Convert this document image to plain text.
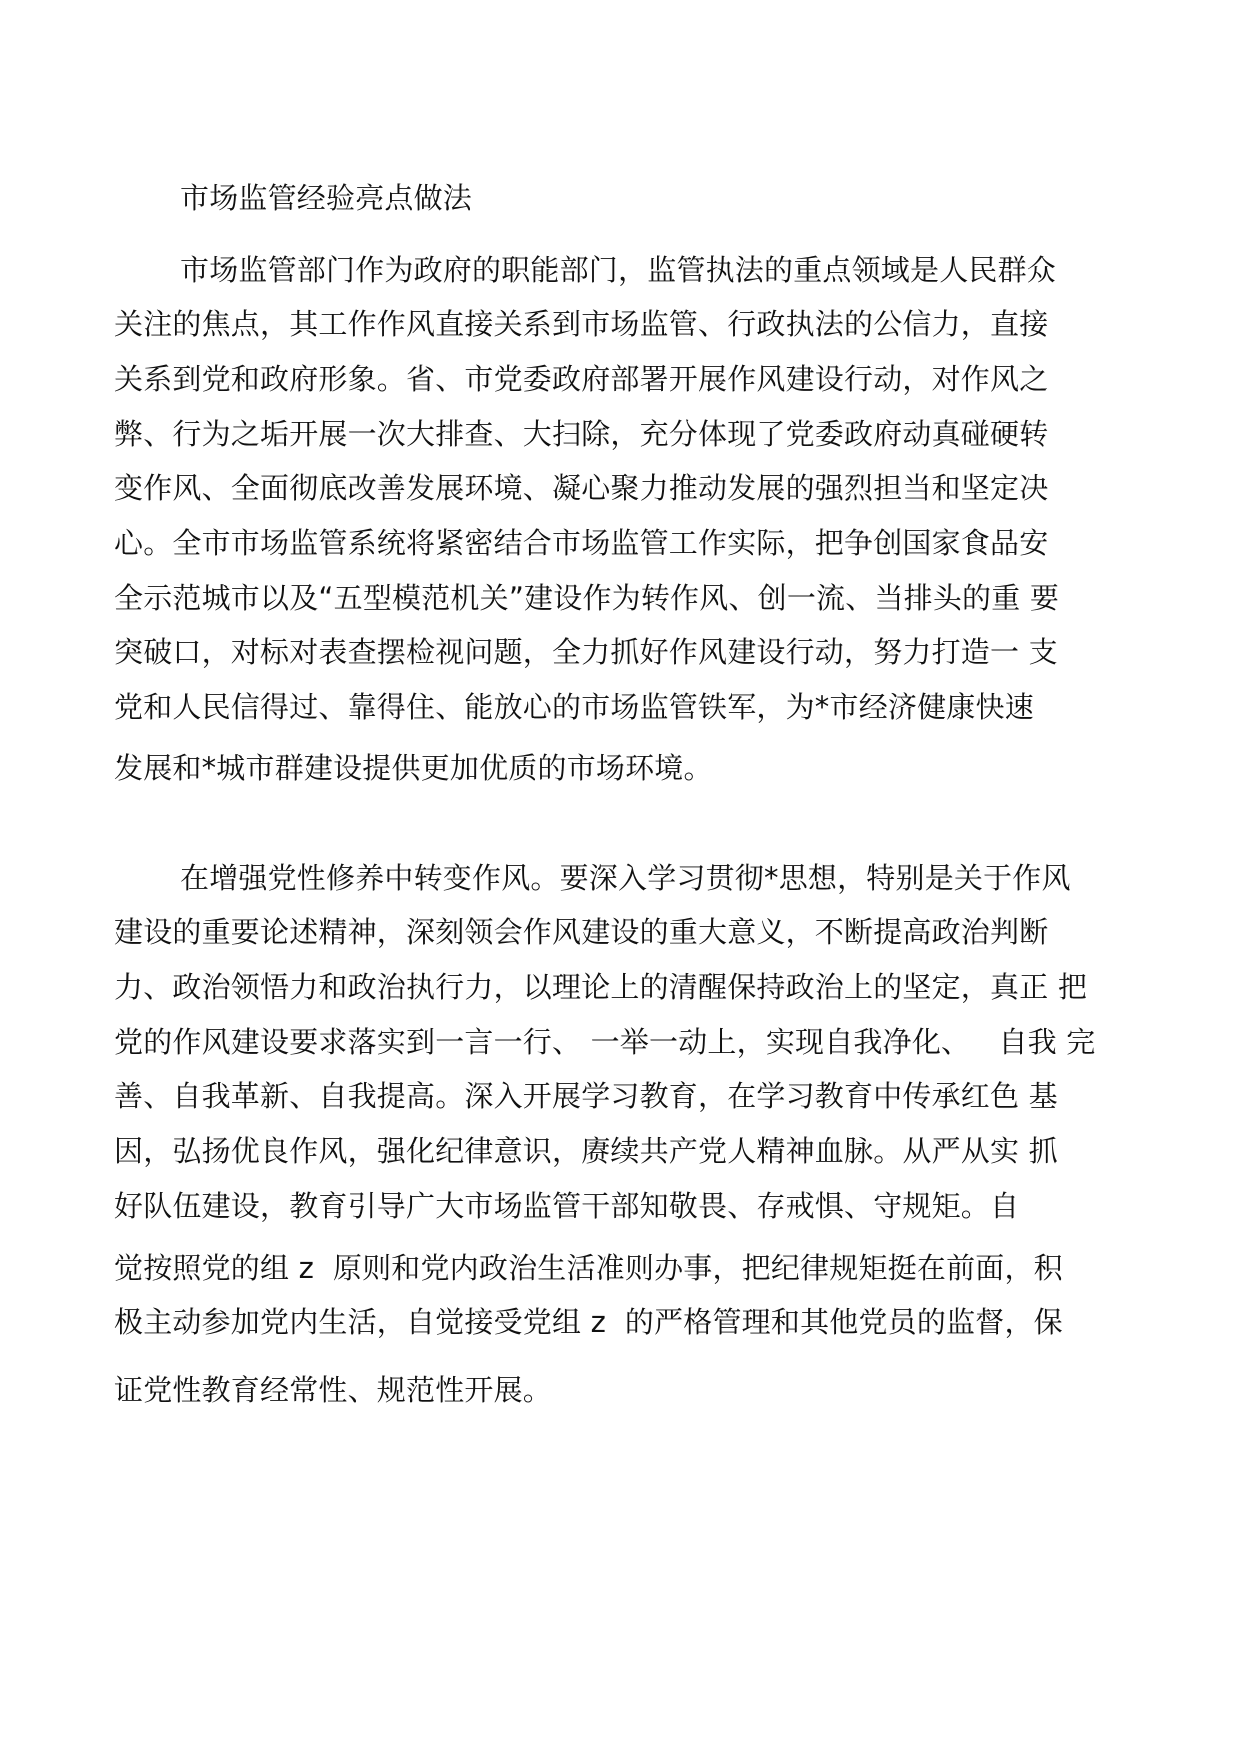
市场监管经验亮点做法
市场监管部门作为政府的职能部门，监管执法的重点领域是人民群众
关注的焦点，其工作作风直接关系到市场监管、行政执法的公信力，直接
关系到党和政府形象。省、市党委政府部署开展作风建设行动，对作风之
弊、行为之垢开展一次大排查、大扫除，充分体现了党委政府动真碰硬转
变作风、全面彻底改善发展环境、凝心聚力推动发展的强烈担当和坚定决
心。全市市场监管系统将紧密结合市场监管工作实际，把争创国家食品安
全示范城市以及“五型模范机关”建设作为转作风、创一流、当排头的重 要
突破口，对标对表查摆检视问题，全力抓好作风建设行动，努力打造一 支
党和人民信得过、靠得住、能放心的市场监管铁军，为*市经济健康快速
发展和*城市群建设提供更加优质的市场环境。
在增强党性修养中转变作风。要深入学习贯彻*思想，特别是关于作风
建设的重要论述精神，深刻领会作风建设的重大意义，不断提高政治判断
力、政治领悟力和政治执行力，以理论上的清醒保持政治上的坚定，真正 把
党的作风建设要求落实到一言一行、 一举一动上，实现自我净化、   自我 完
善、自我革新、自我提高。深入开展学习教育，在学习教育中传承红色 基
因，弘扬优良作风，强化纪律意识，赓续共产党人精神血脉。从严从实 抓
好队伍建设，教育引导广大市场监管干部知敬畏、存戒惧、守规矩。自
觉按照党的组 z  原则和党内政治生活准则办事，把纪律规矩挺在前面，积
极主动参加党内生活，自觉接受党组 z  的严格管理和其他党员的监督，保
证党性教育经常性、规范性开展。
